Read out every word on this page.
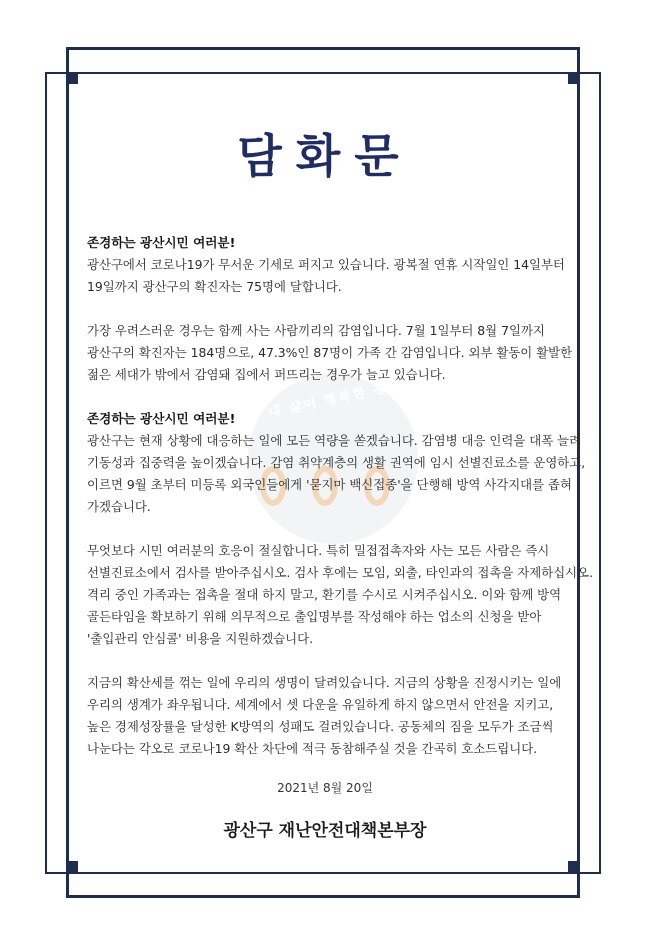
내 삶이 행복한 광산
담화문
존경하는 광산시민 여러분!
광산구에서 코로나19가 무서운 기세로 퍼지고 있습니다. 광복절 연휴 시작일인 14일부터
19일까지 광산구의 확진자는 75명에 달합니다.
가장 우려스러운 경우는 함께 사는 사람끼리의 감염입니다. 7월 1일부터 8월 7일까지
광산구의 확진자는 184명으로, 47.3%인 87명이 가족 간 감염입니다. 외부 활동이 활발한
젊은 세대가 밖에서 감염돼 집에서 퍼뜨리는 경우가 늘고 있습니다.
존경하는 광산시민 여러분!
광산구는 현재 상황에 대응하는 일에 모든 역량을 쏟겠습니다. 감염병 대응 인력을 대폭 늘려
기동성과 집중력을 높이겠습니다. 감염 취약계층의 생활 권역에 임시 선별진료소를 운영하고,
이르면 9월 초부터 미등록 외국인들에게 '묻지마 백신접종'을 단행해 방역 사각지대를 좁혀
가겠습니다.
무엇보다 시민 여러분의 호응이 절실합니다. 특히 밀접접촉자와 사는 모든 사람은 즉시
선별진료소에서 검사를 받아주십시오. 검사 후에는 모임, 외출, 타인과의 접촉을 자제하십시오.
격리 중인 가족과는 접촉을 절대 하지 말고, 환기를 수시로 시켜주십시오. 이와 함께 방역
골든타임을 확보하기 위해 의무적으로 출입명부를 작성해야 하는 업소의 신청을 받아
'출입관리 안심콜' 비용을 지원하겠습니다.
지금의 확산세를 꺾는 일에 우리의 생명이 달려있습니다. 지금의 상황을 진정시키는 일에
우리의 생계가 좌우됩니다. 세계에서 셋 다운을 유일하게 하지 않으면서 안전을 지키고,
높은 경제성장률을 달성한 K방역의 성패도 걸려있습니다. 공동체의 짐을 모두가 조금씩
나눈다는 각오로 코로나19 확산 차단에 적극 동참해주실 것을 간곡히 호소드립니다.
2021년 8월 20일
광산구 재난안전대책본부장
